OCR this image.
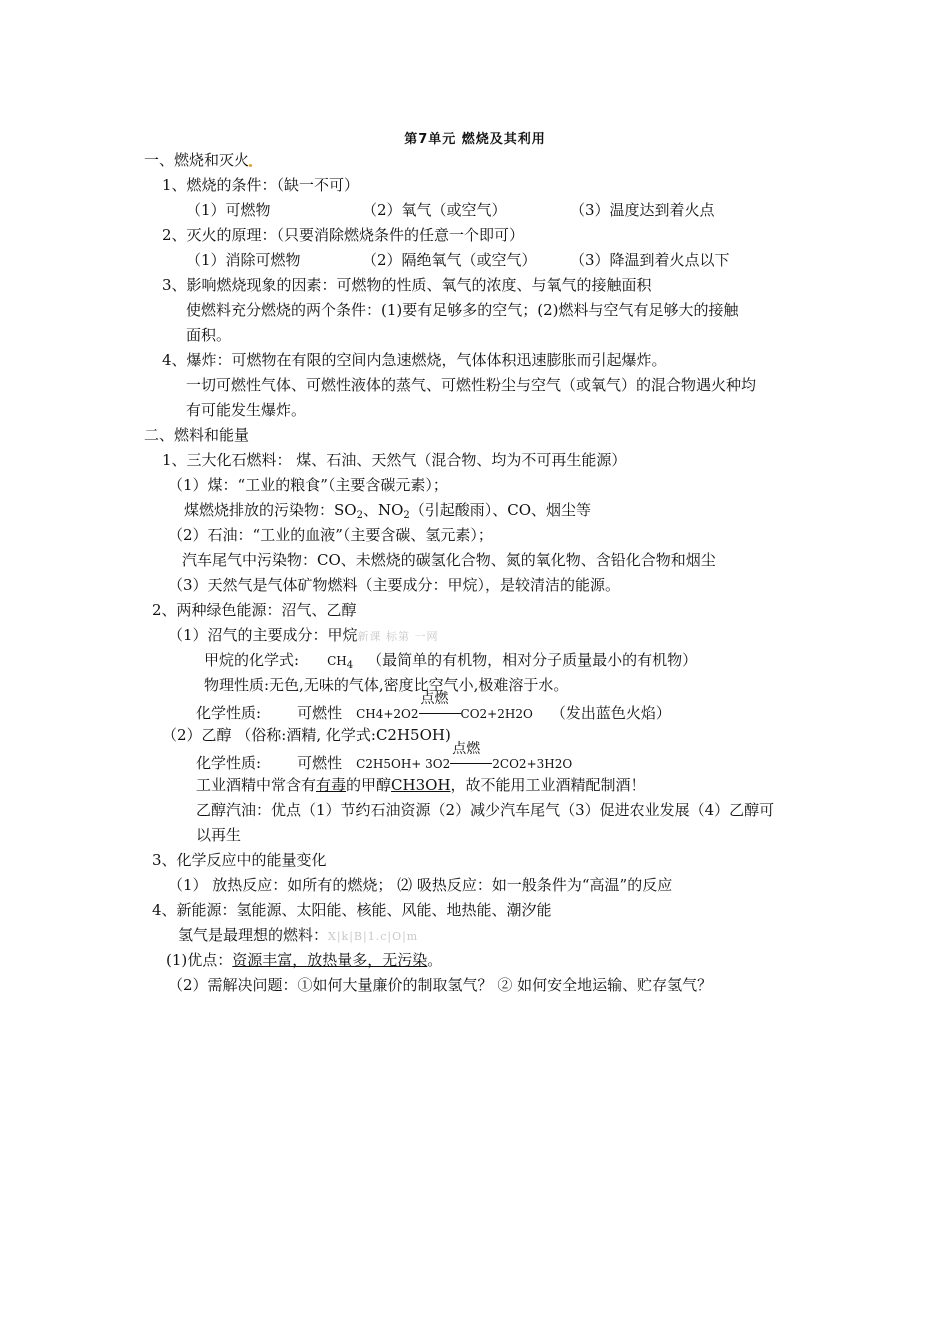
第7单元 燃烧及其利用
一、燃烧和灭火
1、燃烧的条件：（缺一不可）
（1）可燃物	（2）氧气（或空气）	（3）温度达到着火点
2、灭火的原理：（只要消除燃烧条件的任意一个即可）
（1）消除可燃物	（2）隔绝氧气（或空气） （3）降温到着火点以下
3、影响燃烧现象的因素：可燃物的性质、氧气的浓度、与氧气的接触面积
使燃料充分燃烧的两个条件：(1)要有足够多的空气；(2)燃料与空气有足够大的接触
面积。
4、爆炸：可燃物在有限的空间内急速燃烧，气体体积迅速膨胀而引起爆炸。
一切可燃性气体、可燃性液体的蒸气、可燃性粉尘与空气（或氧气）的混合物遇火种均
有可能发生爆炸。
二、燃料和能量
1、三大化石燃料： 煤、石油、天然气（混合物、均为不可再生能源）
（1）煤：“工业的粮食”（主要含碳元素）；
煤燃烧排放的污染物：$SO_2$、$NO_2$（引起酸雨）、CO、烟尘等
（2）石油：“工业的血液”（主要含碳、氢元素）；
汽车尾气中污染物：CO、未燃烧的碳氢化合物、氮的氧化物、含铅化合物和烟尘
（3）天然气是气体矿物燃料（主要成分：甲烷），是较清洁的能源。
2、两种绿色能源：沼气、乙醇
（1）沼气的主要成分：甲烷新课 标第 一网
甲烷的化学式: $CH_4$ （最简单的有机物，相对分子质量最小的有机物）
物理性质:无色,无味的气体,密度比空气小,极难溶于水。
化学性质: 可燃性 CH4+2O2
点燃
CO2+2H2O （发出蓝色火焰）
（2）乙醇 （俗称:酒精, 化学式:C2H5OH)
化学性质: 可燃性 C2H5OH+ 3O2
点燃
2CO2+3H2O
工业酒精中常含有有毒的甲醇CH3OH，故不能用工业酒精配制酒！
乙醇汽油：优点（1）节约石油资源（2）减少汽车尾气（3）促进农业发展（4）乙醇可
以再生
3、化学反应中的能量变化
（1） 放热反应：如所有的燃烧； ⑵ 吸热反应：如一般条件为“高温”的反应
4、新能源：氢能源、太阳能、核能、风能、地热能、潮汐能
氢气是最理想的燃料：X|k|B|1.c|O|m
(1)优点：资源丰富，放热量多，无污染。
（2）需解决问题：①如何大量廉价的制取氢气？ ② 如何安全地运输、贮存氢气？
